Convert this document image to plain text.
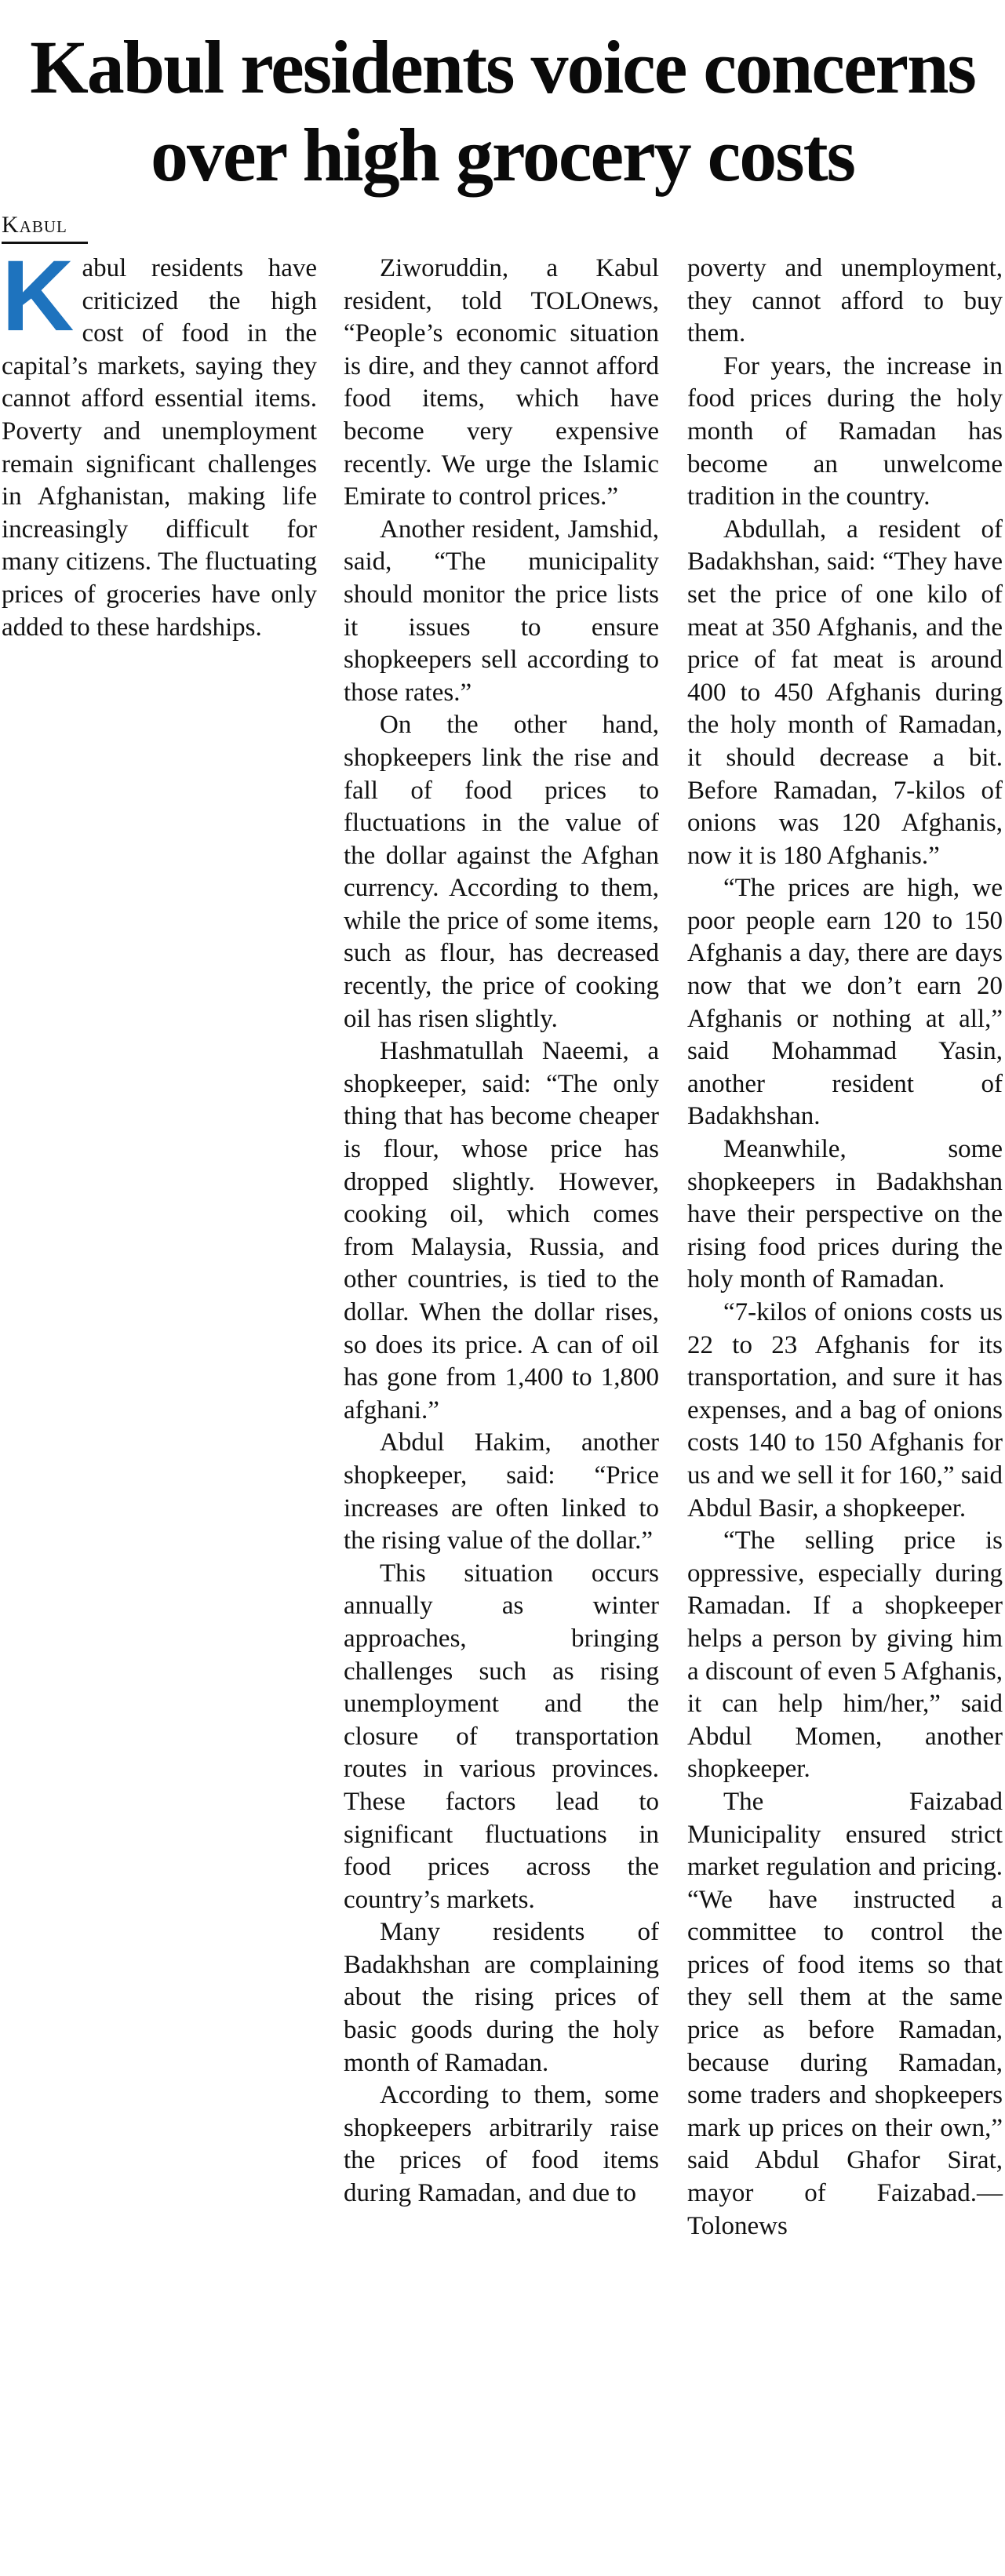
Kabul residents voice concerns
over high grocery costs
Kabul

Kabul residents have criticized the high cost of food in the capital’s markets, saying they cannot afford essential items. Poverty and unemployment remain significant challenges in Afghanistan, making life increasingly difficult for many citizens. The fluctuating prices of groceries have only added to these hardships.

Ziworuddin, a Kabul resident, told TOLOnews, “People’s economic situation is dire, and they cannot afford food items, which have become very expensive recently. We urge the Islamic Emirate to control prices.”

Another resident, Jamshid, said, “The municipality should monitor the price lists it issues to ensure shopkeepers sell according to those rates.”

On the other hand, shopkeepers link the rise and fall of food prices to fluctuations in the value of the dollar against the Afghan currency. According to them, while the price of some items, such as flour, has decreased recently, the price of cooking oil has risen slightly.

Hashmatullah Naeemi, a shopkeeper, said: “The only thing that has become cheaper is flour, whose price has dropped slightly. However, cooking oil, which comes from Malaysia, Russia, and other countries, is tied to the dollar. When the dollar rises, so does its price. A can of oil has gone from 1,400 to 1,800 afghani.”

Abdul Hakim, another shopkeeper, said: “Price increases are often linked to the rising value of the dollar.”

This situation occurs annually as winter approaches, bringing challenges such as rising unemployment and the closure of transportation routes in various provinces. These factors lead to significant fluctuations in food prices across the country’s markets.

Many residents of Badakhshan are complaining about the rising prices of basic goods during the holy month of Ramadan.

According to them, some shopkeepers arbitrarily raise the prices of food items during Ramadan, and due to

poverty and unemployment, they cannot afford to buy them.

For years, the increase in food prices during the holy month of Ramadan has become an unwelcome tradition in the country.

Abdullah, a resident of Badakhshan, said: “They have set the price of one kilo of meat at 350 Afghanis, and the price of fat meat is around 400 to 450 Afghanis during the holy month of Ramadan, it should decrease a bit. Before Ramadan, 7-kilos of onions was 120 Afghanis, now it is 180 Afghanis.”

“The prices are high, we poor people earn 120 to 150 Afghanis a day, there are days now that we don’t earn 20 Afghanis or nothing at all,” said Mohammad Yasin, another resident of Badakhshan.

Meanwhile, some shopkeepers in Badakhshan have their perspective on the rising food prices during the holy month of Ramadan.

“7-kilos of onions costs us 22 to 23 Afghanis for its transportation, and sure it has expenses, and a bag of onions costs 140 to 150 Afghanis for us and we sell it for 160,” said Abdul Basir, a shopkeeper.

“The selling price is oppressive, especially during Ramadan. If a shopkeeper helps a person by giving him a discount of even 5 Afghanis, it can help him/her,” said Abdul Momen, another shopkeeper.

The Faizabad Municipality ensured strict market regulation and pricing. “We have instructed a committee to control the prices of food items so that they sell them at the same price as before Ramadan, because during Ramadan, some traders and shopkeepers mark up prices on their own,” said Abdul Ghafor Sirat, mayor of Faizabad.—Tolonews
